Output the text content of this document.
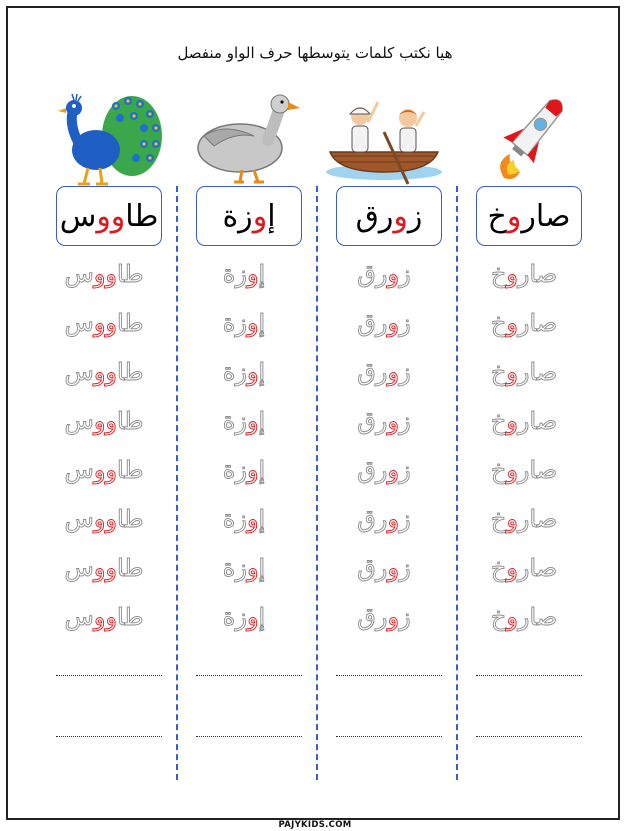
هيا نكتب كلمات يتوسطها حرف الواو منفصل
طاووس
طاووس
طاووس
طاووس
طاووس
طاووس
طاووس
طاووس
طاووس
إوزة
إوزة
إوزة
إوزة
إوزة
إوزة
إوزة
إوزة
إوزة
زورق
زورق
زورق
زورق
زورق
زورق
زورق
زورق
زورق
صاروخ
صاروخ
صاروخ
صاروخ
صاروخ
صاروخ
صاروخ
صاروخ
صاروخ
PAJYKIDS.COM
